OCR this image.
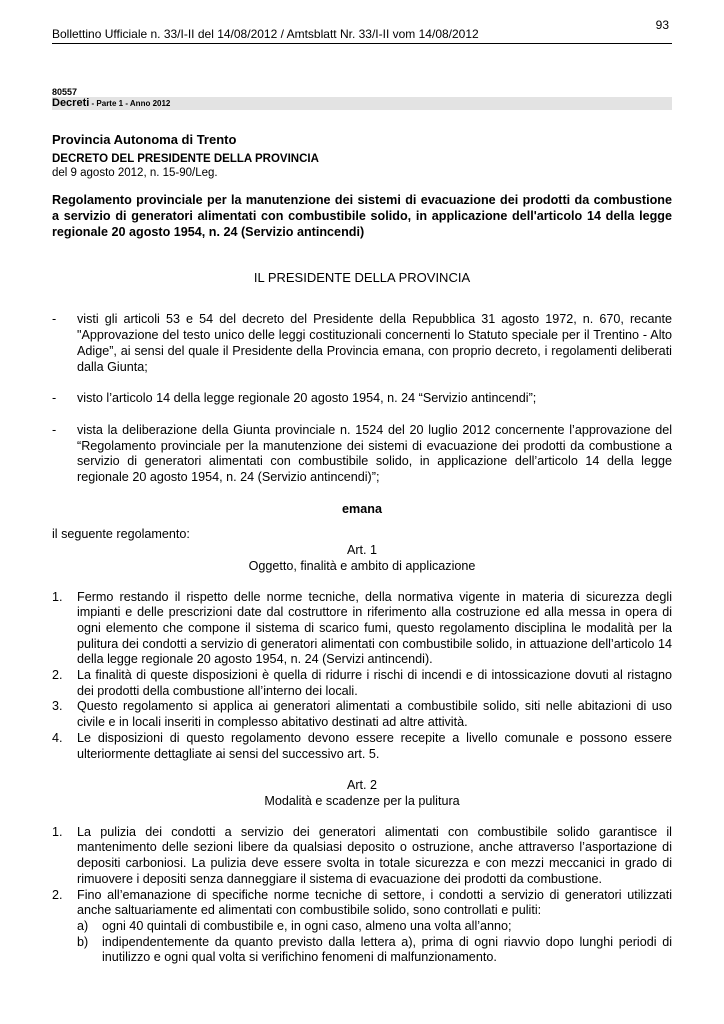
93
Bollettino Ufficiale n. 33/I-II del 14/08/2012 / Amtsblatt Nr. 33/I-II vom 14/08/2012
80557
Decreti - Parte 1 - Anno 2012

Provincia Autonoma di Trento

DECRETO DEL PRESIDENTE DELLA PROVINCIA

del 9 agosto 2012, n. 15-90/Leg.

Regolamento provinciale per la manutenzione dei sistemi di evacuazione dei prodotti da combustione a servizio di generatori alimentati con combustibile solido, in applicazione dell'articolo 14 della legge regionale 20 agosto 1954, n. 24 (Servizio antincendi)

IL PRESIDENTE DELLA PROVINCIA

- visti gli articoli 53 e 54 del decreto del Presidente della Repubblica 31 agosto 1972, n. 670, recante "Approvazione del testo unico delle leggi costituzionali concernenti lo Statuto speciale per il Trentino - Alto Adige”, ai sensi del quale il Presidente della Provincia emana, con proprio decreto, i regolamenti deliberati dalla Giunta;
- visto l’articolo 14 della legge regionale 20 agosto 1954, n. 24 “Servizio antincendi”;
- vista la deliberazione della Giunta provinciale n. 1524 del 20 luglio 2012 concernente l’approvazione del “Regolamento provinciale per la manutenzione dei sistemi di evacuazione dei prodotti da combustione a servizio di generatori alimentati con combustibile solido, in applicazione dell’articolo 14 della legge regionale 20 agosto 1954, n. 24 (Servizio antincendi)”;

emana

il seguente regolamento:

Art. 1

Oggetto, finalità e ambito di applicazione

1. Fermo restando il rispetto delle norme tecniche, della normativa vigente in materia di sicurezza degli impianti e delle prescrizioni date dal costruttore in riferimento alla costruzione ed alla messa in opera di ogni elemento che compone il sistema di scarico fumi, questo regolamento disciplina le modalità per la pulitura dei condotti a servizio di generatori alimentati con combustibile solido, in attuazione dell’articolo 14 della legge regionale 20 agosto 1954, n. 24 (Servizi antincendi).
2. La finalità di queste disposizioni è quella di ridurre i rischi di incendi e di intossicazione dovuti al ristagno dei prodotti della combustione all’interno dei locali.
3. Questo regolamento si applica ai generatori alimentati a combustibile solido, siti nelle abitazioni di uso civile e in locali inseriti in complesso abitativo destinati ad altre attività.
4. Le disposizioni di questo regolamento devono essere recepite a livello comunale e possono essere ulteriormente dettagliate ai sensi del successivo art. 5.

Art. 2

Modalità e scadenze per la pulitura

1. La pulizia dei condotti a servizio dei generatori alimentati con combustibile solido garantisce il mantenimento delle sezioni libere da qualsiasi deposito o ostruzione, anche attraverso l’asportazione di depositi carboniosi. La pulizia deve essere svolta in totale sicurezza e con mezzi meccanici in grado di rimuovere i depositi senza danneggiare il sistema di evacuazione dei prodotti da combustione.
2. Fino all’emanazione di specifiche norme tecniche di settore, i condotti a servizio di generatori utilizzati anche saltuariamente ed alimentati con combustibile solido, sono controllati e puliti:
a) ogni 40 quintali di combustibile e, in ogni caso, almeno una volta all’anno;
b) indipendentemente da quanto previsto dalla lettera a), prima di ogni riavvio dopo lunghi periodi di inutilizzo e ogni qual volta si verifichino fenomeni di malfunzionamento.
